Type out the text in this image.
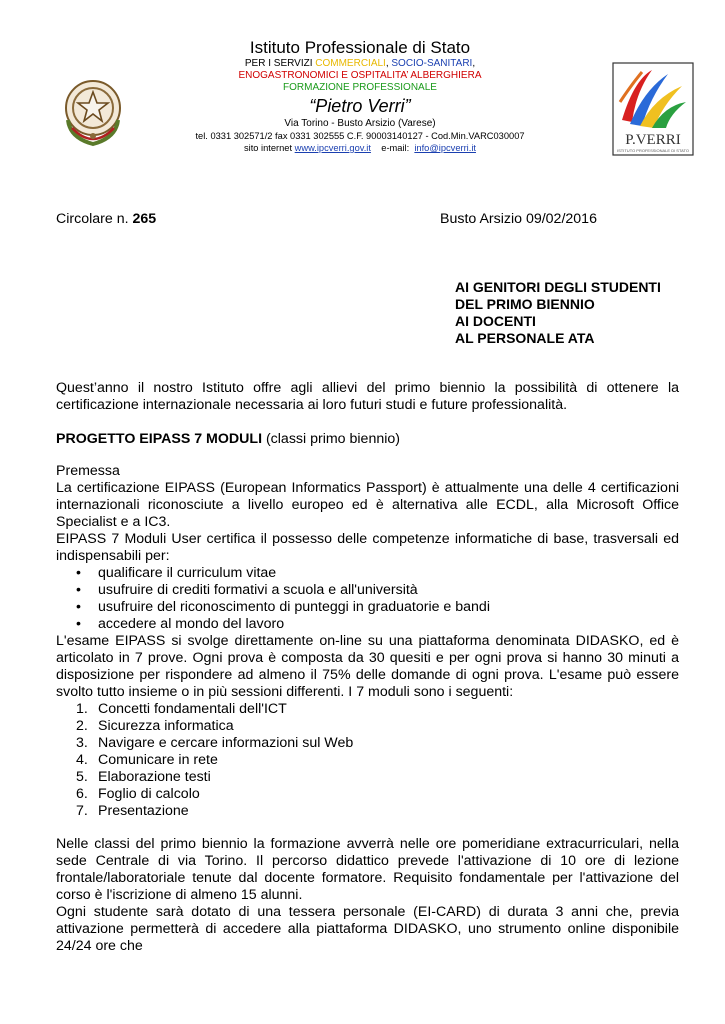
Istituto Professionale di Stato
PER I SERVIZI COMMERCIALI, SOCIO-SANITARI,
ENOGASTRONOMICI E OSPITALITA’ ALBERGHIERA
FORMAZIONE PROFESSIONALE
“Pietro Verri”
Via Torino - Busto Arsizio (Varese)
tel. 0331 302571/2 fax 0331 302555 C.F. 90003140127 - Cod.Min.VARC030007
sito internet www.ipcverri.gov.it    e-mail:  info@ipcverri.it	P.VERRI
ISTITUTO PROFESSIONALE DI STATO
Circolare n. 265	Busto Arsizio 09/02/2016
AI GENITORI DEGLI STUDENTI
DEL PRIMO BIENNIO
AI DOCENTI
AL PERSONALE ATA
Quest’anno il nostro Istituto offre agli allievi del primo biennio la possibilità di ottenere la certificazione internazionale necessaria ai loro futuri studi e future professionalità.
PROGETTO EIPASS 7 MODULI (classi primo biennio)
Premessa
La certificazione EIPASS (European Informatics Passport) è attualmente una delle 4 certificazioni internazionali riconosciute a livello europeo ed è alternativa alle ECDL, alla Microsoft Office Specialist e a IC3.
EIPASS 7 Moduli User certifica il possesso delle competenze informatiche di base, trasversali ed indispensabili per:
• qualificare il curriculum vitae
• usufruire di crediti formativi a scuola e all'università
• usufruire del riconoscimento di punteggi in graduatorie e bandi
• accedere al mondo del lavoro
L'esame EIPASS si svolge direttamente on-line su una piattaforma denominata DIDASKO, ed è articolato in 7 prove. Ogni prova è composta da 30 quesiti e per ogni prova si hanno 30 minuti a disposizione per rispondere ad almeno il 75% delle domande di ogni prova. L'esame può essere svolto tutto insieme o in più sessioni differenti. I 7 moduli sono i seguenti:
1. Concetti fondamentali dell'ICT
2. Sicurezza informatica
3. Navigare e cercare informazioni sul Web
4. Comunicare in rete
5. Elaborazione testi
6. Foglio di calcolo
7. Presentazione
Nelle classi del primo biennio la formazione avverrà nelle ore pomeridiane extracurriculari, nella sede Centrale di via Torino. Il percorso didattico prevede l'attivazione di 10 ore di lezione frontale/laboratoriale tenute dal docente formatore. Requisito fondamentale per l'attivazione del corso è l'iscrizione di almeno 15 alunni.
Ogni studente sarà dotato di una tessera personale (EI-CARD) di durata 3 anni che, previa attivazione permetterà di accedere alla piattaforma DIDASKO, uno strumento online disponibile 24/24 ore che
